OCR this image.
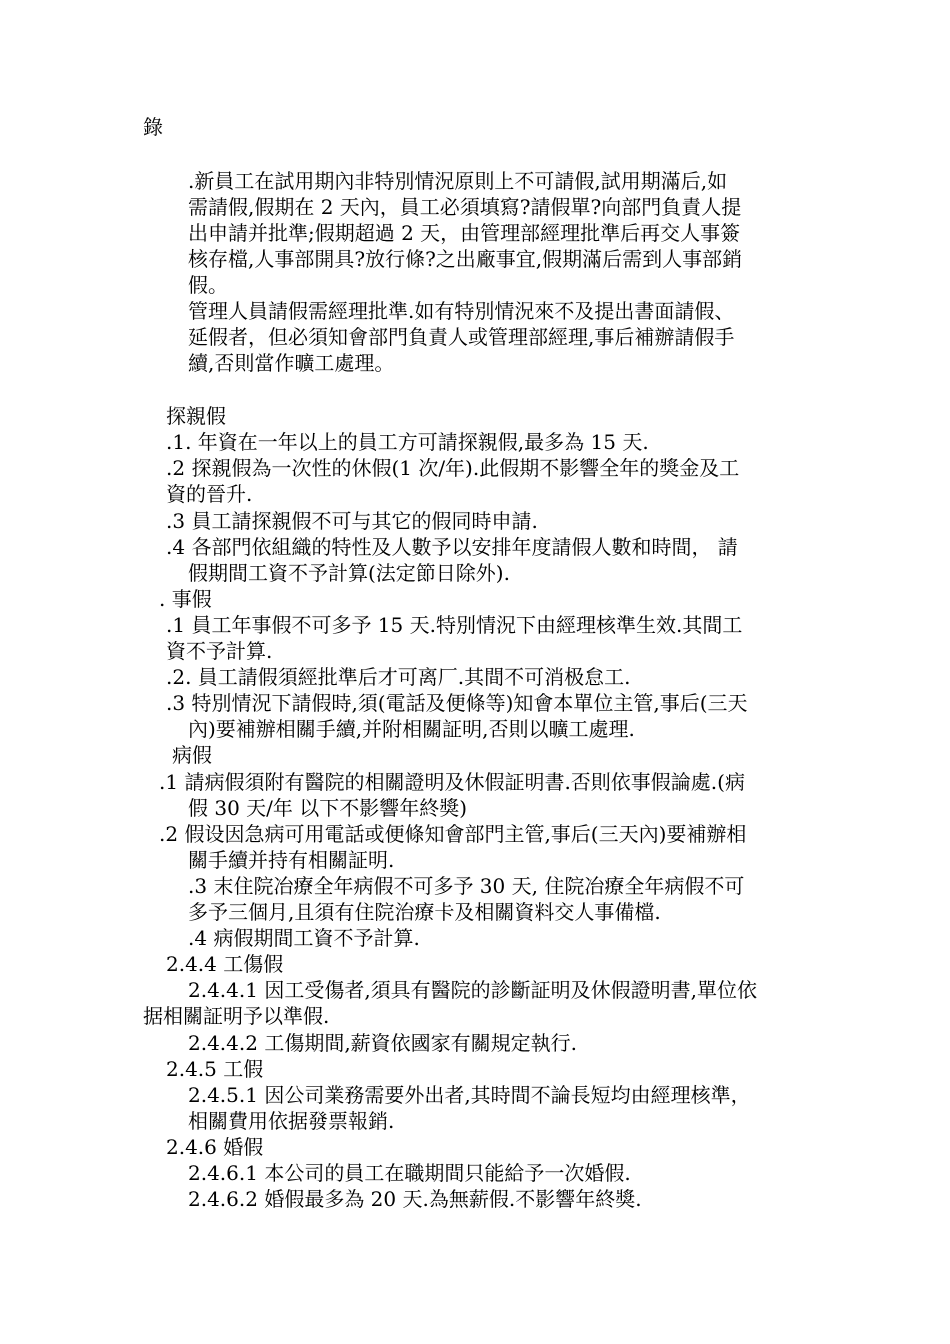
錄

.新員工在試用期內非特別情況原則上不可請假,試用期滿后,如

需請假,假期在 2 天內，員工必須填寫?請假單?向部門負責人提

出申請并批準;假期超過 2 天，由管理部經理批準后再交人事簽

核存檔,人事部開具?放行條?之出廠事宜,假期滿后需到人事部銷

假。

管理人員請假需經理批準.如有特別情況來不及提出書面請假、

延假者，但必須知會部門負責人或管理部經理,事后補辦請假手

續,否則當作曠工處理。

探親假

.1. 年資在一年以上的員工方可請探親假,最多為 15 天.

.2 探親假為一次性的休假(1 次/年).此假期不影響全年的獎金及工

資的晉升.

.3 員工請探親假不可与其它的假同時申請.

.4 各部門依組織的特性及人數予以安排年度請假人數和時間， 請

假期間工資不予計算(法定節日除外).

. 事假

.1 員工年事假不可多予 15 天.特別情況下由經理核準生效.其間工

資不予計算.

.2. 員工請假須經批準后才可离厂.其間不可消极怠工.

.3 特別情況下請假時,須(電話及便條等)知會本單位主管,事后(三天

內)要補辦相關手續,并附相關証明,否則以曠工處理.

病假

.1 請病假須附有醫院的相關證明及休假証明書.否則依事假論處.(病

假 30 天/年 以下不影響年終獎)

.2 假设因急病可用電話或便條知會部門主管,事后(三天內)要補辦相

關手續并持有相關証明.

.3 末住院冶療全年病假不可多予 30 天, 住院冶療全年病假不可

多予三個月,且須有住院治療卡及相關資料交人事備檔.

.4 病假期間工資不予計算.

2.4.4 工傷假

2.4.4.1 因工受傷者,須具有醫院的診斷証明及休假證明書,單位依

据相關証明予以準假.

2.4.4.2 工傷期間,薪資依國家有關規定執行.

2.4.5 工假

2.4.5.1 因公司業務需要外出者,其時間不論長短均由經理核準，

相關費用依据發票報銷.

2.4.6 婚假

2.4.6.1 本公司的員工在職期間只能給予一次婚假.

2.4.6.2 婚假最多為 20 天.為無薪假.不影響年終獎.
